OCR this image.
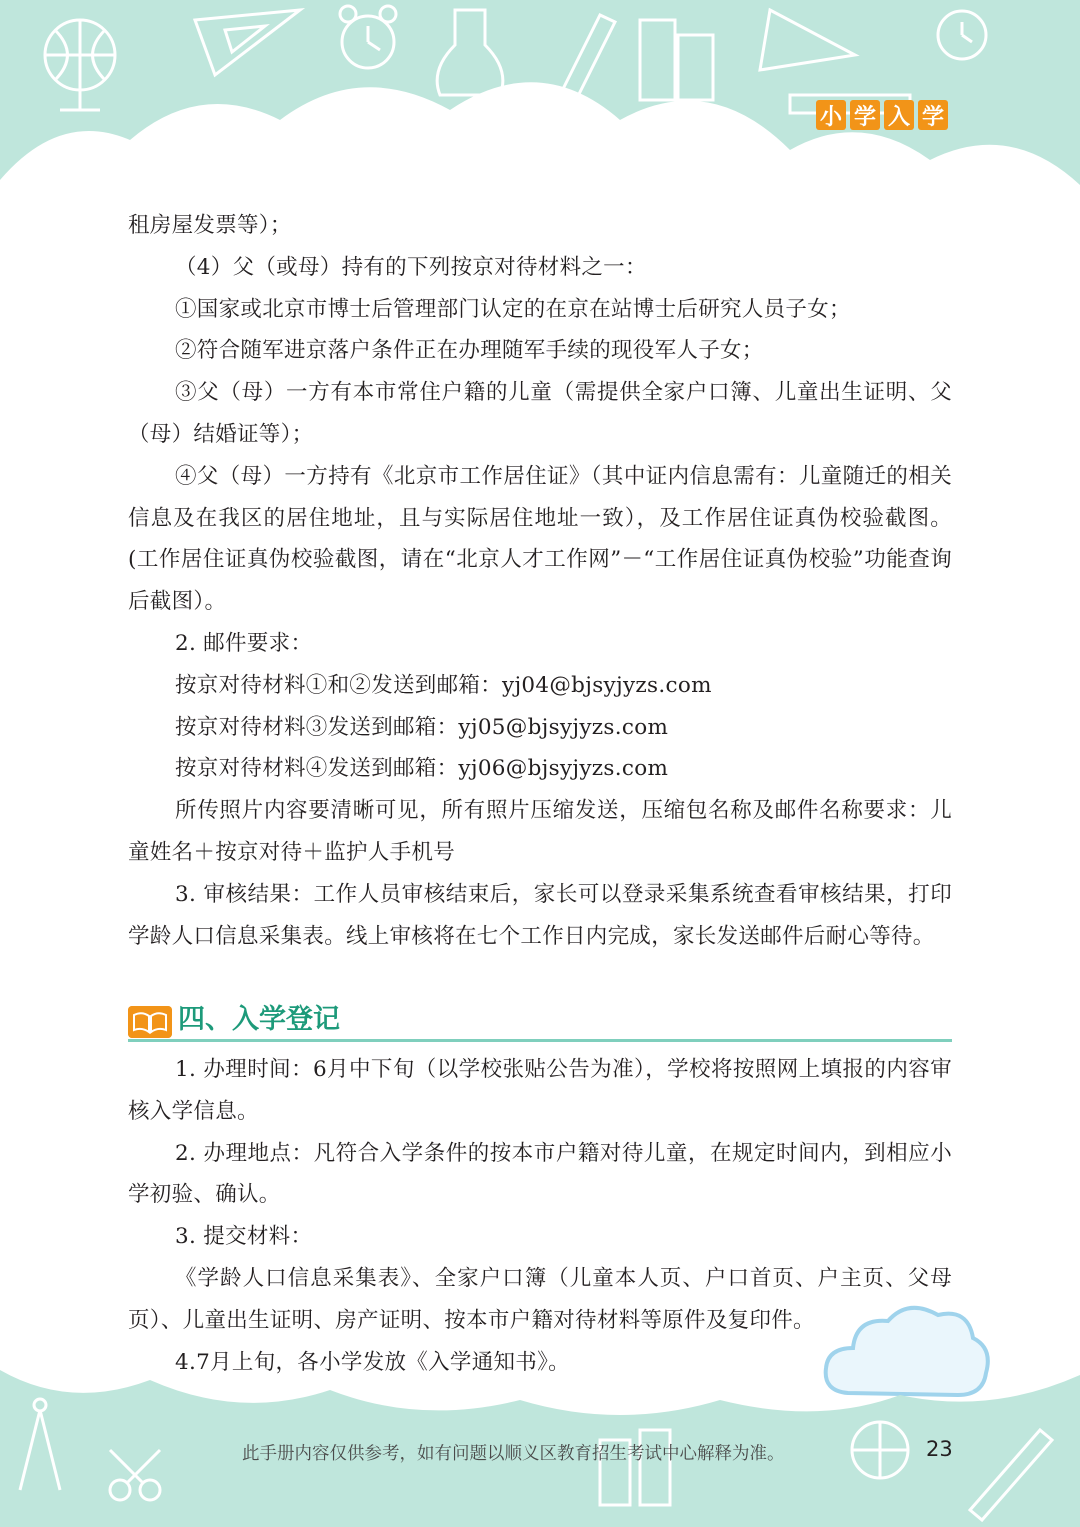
小 学 入 学

租房屋发票等）；

（4）父（或母）持有的下列按京对待材料之一：

①国家或北京市博士后管理部门认定的在京在站博士后研究人员子女；

②符合随军进京落户条件正在办理随军手续的现役军人子女；

③父（母）一方有本市常住户籍的儿童（需提供全家户口簿、儿童出生证明、父（母）结婚证等）；

④父（母）一方持有《北京市工作居住证》（其中证内信息需有：儿童随迁的相关信息及在我区的居住地址，且与实际居住地址一致），及工作居住证真伪校验截图。(工作居住证真伪校验截图，请在“北京人才工作网”－“工作居住证真伪校验”功能查询后截图）。

2. 邮件要求：

按京对待材料①和②发送到邮箱：yj04@bjsyjyzs.com

按京对待材料③发送到邮箱：yj05@bjsyjyzs.com

按京对待材料④发送到邮箱：yj06@bjsyjyzs.com

所传照片内容要清晰可见，所有照片压缩发送，压缩包名称及邮件名称要求：儿童姓名＋按京对待＋监护人手机号

3. 审核结果：工作人员审核结束后，家长可以登录采集系统查看审核结果，打印学龄人口信息采集表。线上审核将在七个工作日内完成，家长发送邮件后耐心等待。

四、入学登记

1. 办理时间：6月中下旬（以学校张贴公告为准），学校将按照网上填报的内容审核入学信息。

2. 办理地点：凡符合入学条件的按本市户籍对待儿童，在规定时间内，到相应小学初验、确认。

3. 提交材料：

《学龄人口信息采集表》、全家户口簿（儿童本人页、户口首页、户主页、父母页）、儿童出生证明、房产证明、按本市户籍对待材料等原件及复印件。

4.7月上旬，各小学发放《入学通知书》。

此手册内容仅供参考，如有问题以顺义区教育招生考试中心解释为准。	23
